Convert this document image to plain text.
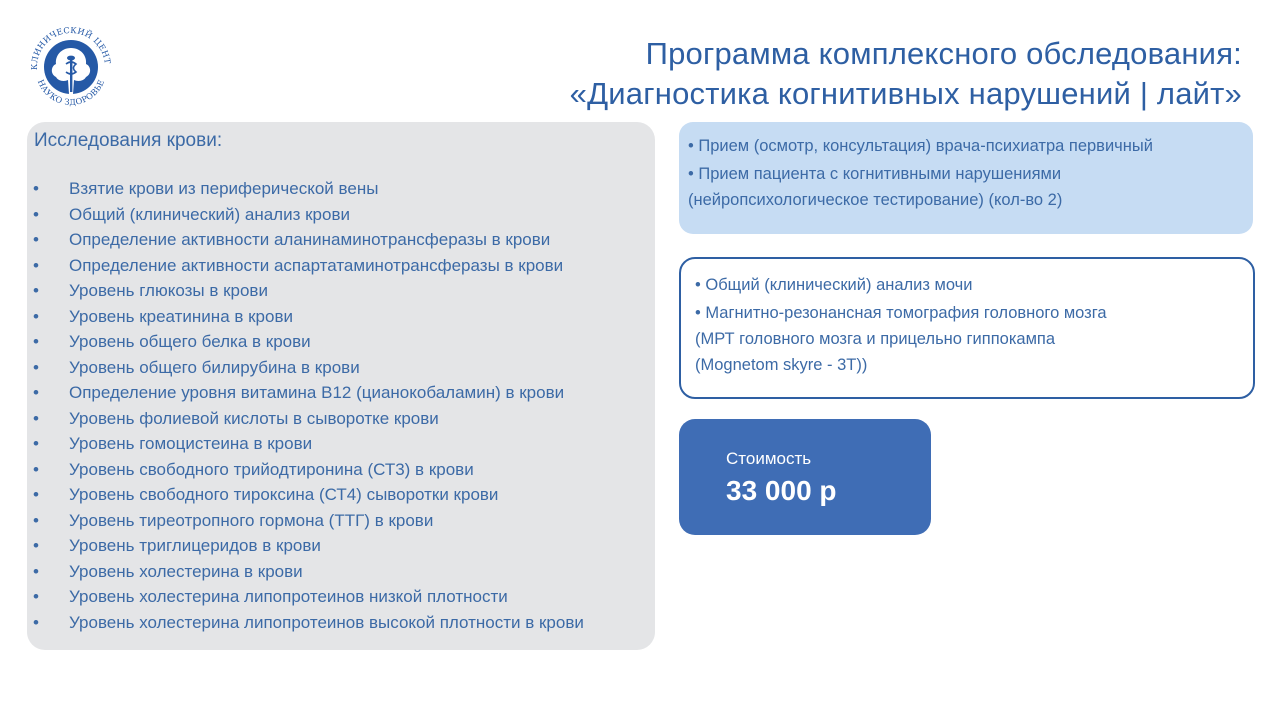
КЛИНИЧЕСКИЙ ЦЕНТ
НАУКО ЗДОРОВЬЕ
Программа комплексного обследования:
«Диагностика когнитивных нарушений | лайт»
Исследования крови:
• Взятие крови из периферической вены
• Общий (клинический) анализ крови
• Определение активности аланинаминотрансферазы в крови
• Определение активности аспартатаминотрансферазы в крови
• Уровень глюкозы в крови
• Уровень креатинина в крови
• Уровень общего белка в крови
• Уровень общего билирубина в крови
• Определение уровня витамина В12 (цианокобаламин) в крови
• Уровень фолиевой кислоты в сыворотке крови
• Уровень гомоцистеина в крови
• Уровень свободного трийодтиронина (СТ3) в крови
• Уровень свободного тироксина (СТ4) сыворотки крови
• Уровень тиреотропного гормона (ТТГ) в крови
• Уровень триглицеридов в крови
• Уровень холестерина в крови
• Уровень холестерина липопротеинов низкой плотности
• Уровень холестерина липопротеинов высокой плотности в крови
• Прием (осмотр, консультация) врача-психиатра первичный
• Прием пациента с когнитивными нарушениями
(нейропсихологическое тестирование) (кол-во 2)
• Общий (клинический) анализ мочи
• Магнитно-резонансная томография головного мозга
(МРТ головного мозга и прицельно гиппокампа
(Mognetom skyre - 3T))
Стоимость
33 000 р
